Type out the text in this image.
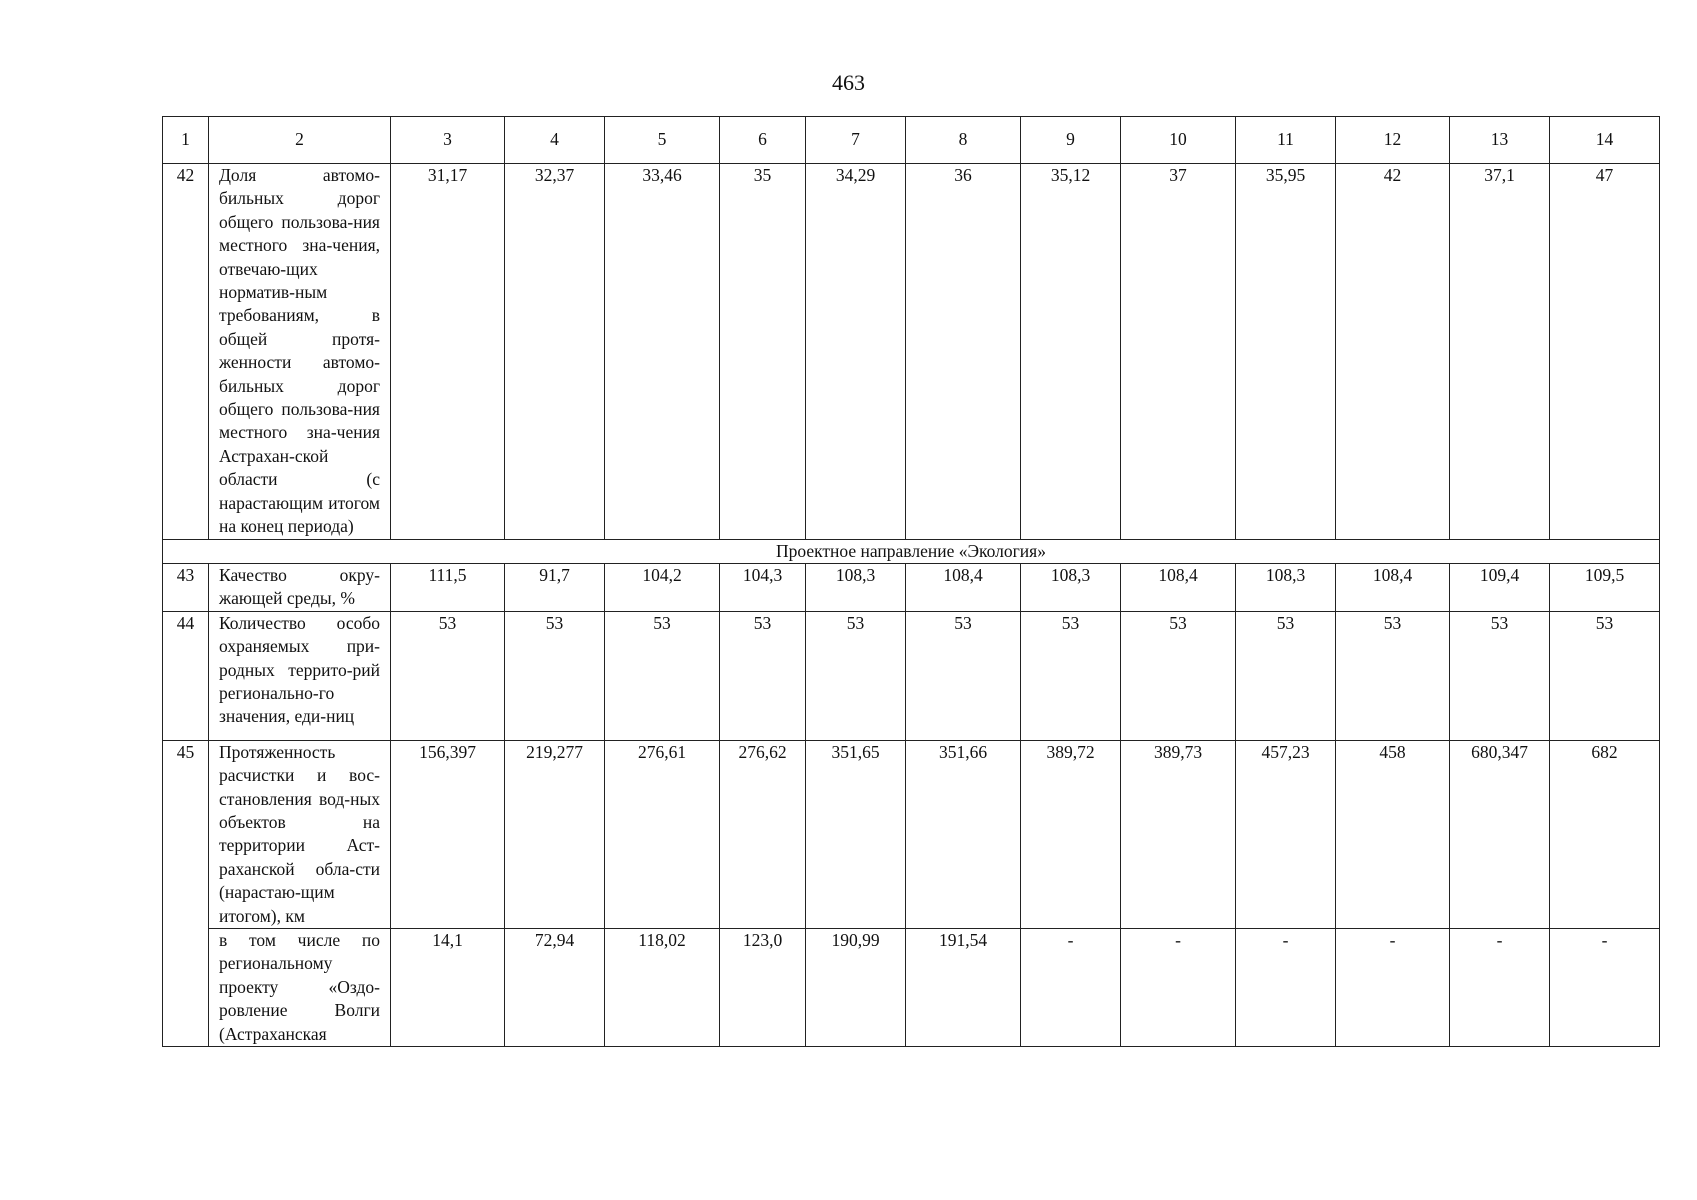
463
1	2	3	4	5	6	7	8	9	10	11	12	13	14
42	Доля автомо-бильных дорог общего пользова-ния местного зна-чения, отвечаю-щих норматив-ным требованиям, в общей протя-женности автомо-бильных дорог общего пользова-ния местного зна-чения Астрахан-ской области (с нарастающим итогом на конец периода)	31,17	32,37	33,46	35	34,29	36	35,12	37	35,95	42	37,1	47
Проектное направление «Экология»													
43	Качество окру-жающей среды, %	111,5	91,7	104,2	104,3	108,3	108,4	108,3	108,4	108,3	108,4	109,4	109,5
44	Количество особо охраняемых при-родных террито-рий регионально-го значения, еди-ниц	53	53	53	53	53	53	53	53	53	53	53	53
45	Протяженность расчистки и вос-становления вод-ных объектов на территории Аст-раханской обла-сти (нарастаю-щим итогом), км	156,397	219,277	276,61	276,62	351,65	351,66	389,72	389,73	457,23	458	680,347	682
	в том числе по региональному проекту «Оздо-ровление Волги (Астраханская	14,1	72,94	118,02	123,0	190,99	191,54	-	-	-	-	-	-
